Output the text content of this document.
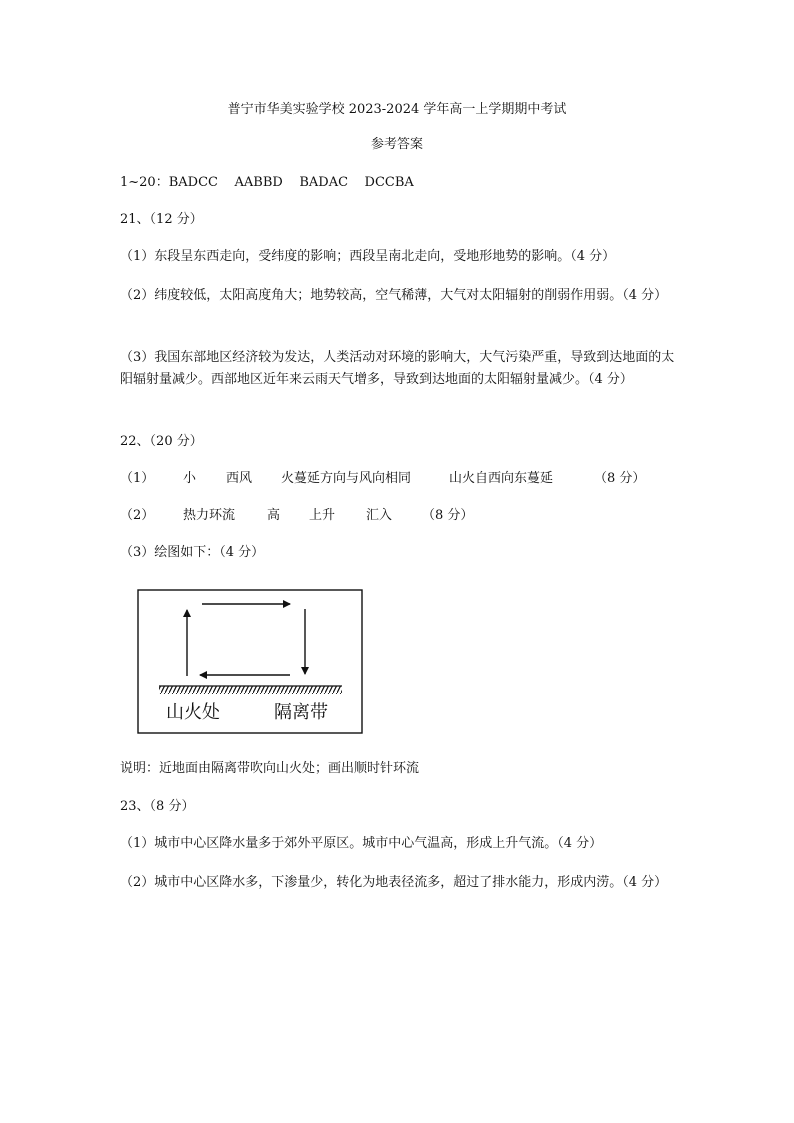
普宁市华美实验学校 2023-2024 学年高一上学期期中考试
参考答案
1~20：BADCC    AABBD    BADAC    DCCBA
21、（12 分）
（1）东段呈东西走向，受纬度的影响；西段呈南北走向，受地形地势的影响。（4 分）
（2）纬度较低，太阳高度角大；地势较高，空气稀薄，大气对太阳辐射的削弱作用弱。（4 分）
（3）我国东部地区经济较为发达，人类活动对环境的影响大，大气污染严重，导致到达地面的太阳辐射量减少。西部地区近年来云雨天气增多，导致到达地面的太阳辐射量减少。（4 分）
22、（20 分）
（1） 小 西风 火蔓延方向与风向相同	山火自西向东蔓延	（8 分）
（2） 热力环流 高 上升 汇入 （8 分）
（3）绘图如下：（4 分）
山火处	隔离带
说明：近地面由隔离带吹向山火处；画出顺时针环流
23、（8 分）
（1）城市中心区降水量多于郊外平原区。城市中心气温高，形成上升气流。（4 分）
（2）城市中心区降水多，下渗量少，转化为地表径流多，超过了排水能力，形成内涝。（4 分）
